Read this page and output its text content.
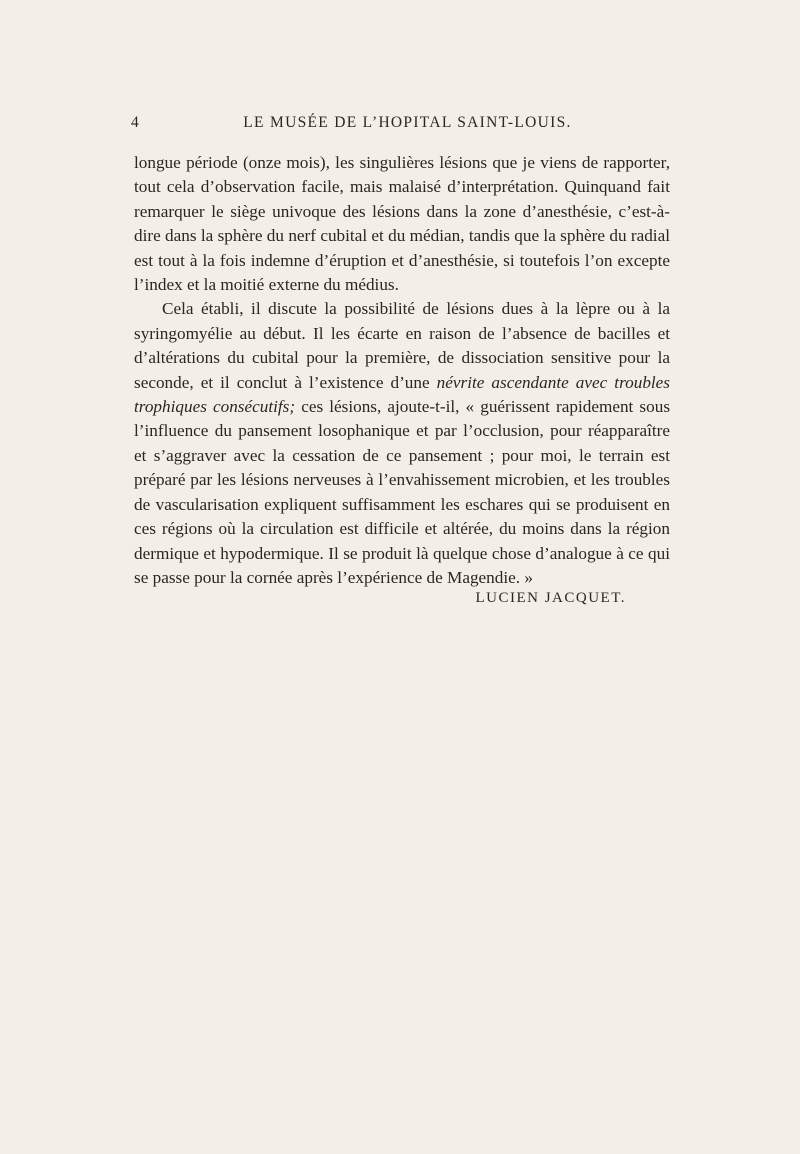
4	LE MUSÉE DE L’HOPITAL SAINT-LOUIS.

longue période (onze mois), les singulières lésions que je viens de rapporter, tout cela d’observation facile, mais malaisé d’interprétation. Quinquand fait remarquer le siège univoque des lésions dans la zone d’anesthésie, c’est-à-dire dans la sphère du nerf cubital et du médian, tandis que la sphère du radial est tout à la fois indemne d’éruption et d’anesthésie, si toutefois l’on excepte l’index et la moitié externe du médius.

Cela établi, il discute la possibilité de lésions dues à la lèpre ou à la syringomyélie au début. Il les écarte en raison de l’absence de bacilles et d’altérations du cubital pour la première, de dissociation sensitive pour la seconde, et il conclut à l’existence d’une névrite ascendante avec troubles trophiques consécutifs; ces lésions, ajoute-t-il, « guérissent rapidement sous l’influence du pansement losophanique et par l’occlusion, pour réapparaître et s’aggraver avec la cessation de ce pansement ; pour moi, le terrain est préparé par les lésions nerveuses à l’envahissement microbien, et les troubles de vascularisation expliquent suffisamment les eschares qui se produisent en ces régions où la circulation est difficile et altérée, du moins dans la région dermique et hypodermique. Il se produit là quelque chose d’analogue à ce qui se passe pour la cornée après l’expérience de Magendie. »

LUCIEN JACQUET.
